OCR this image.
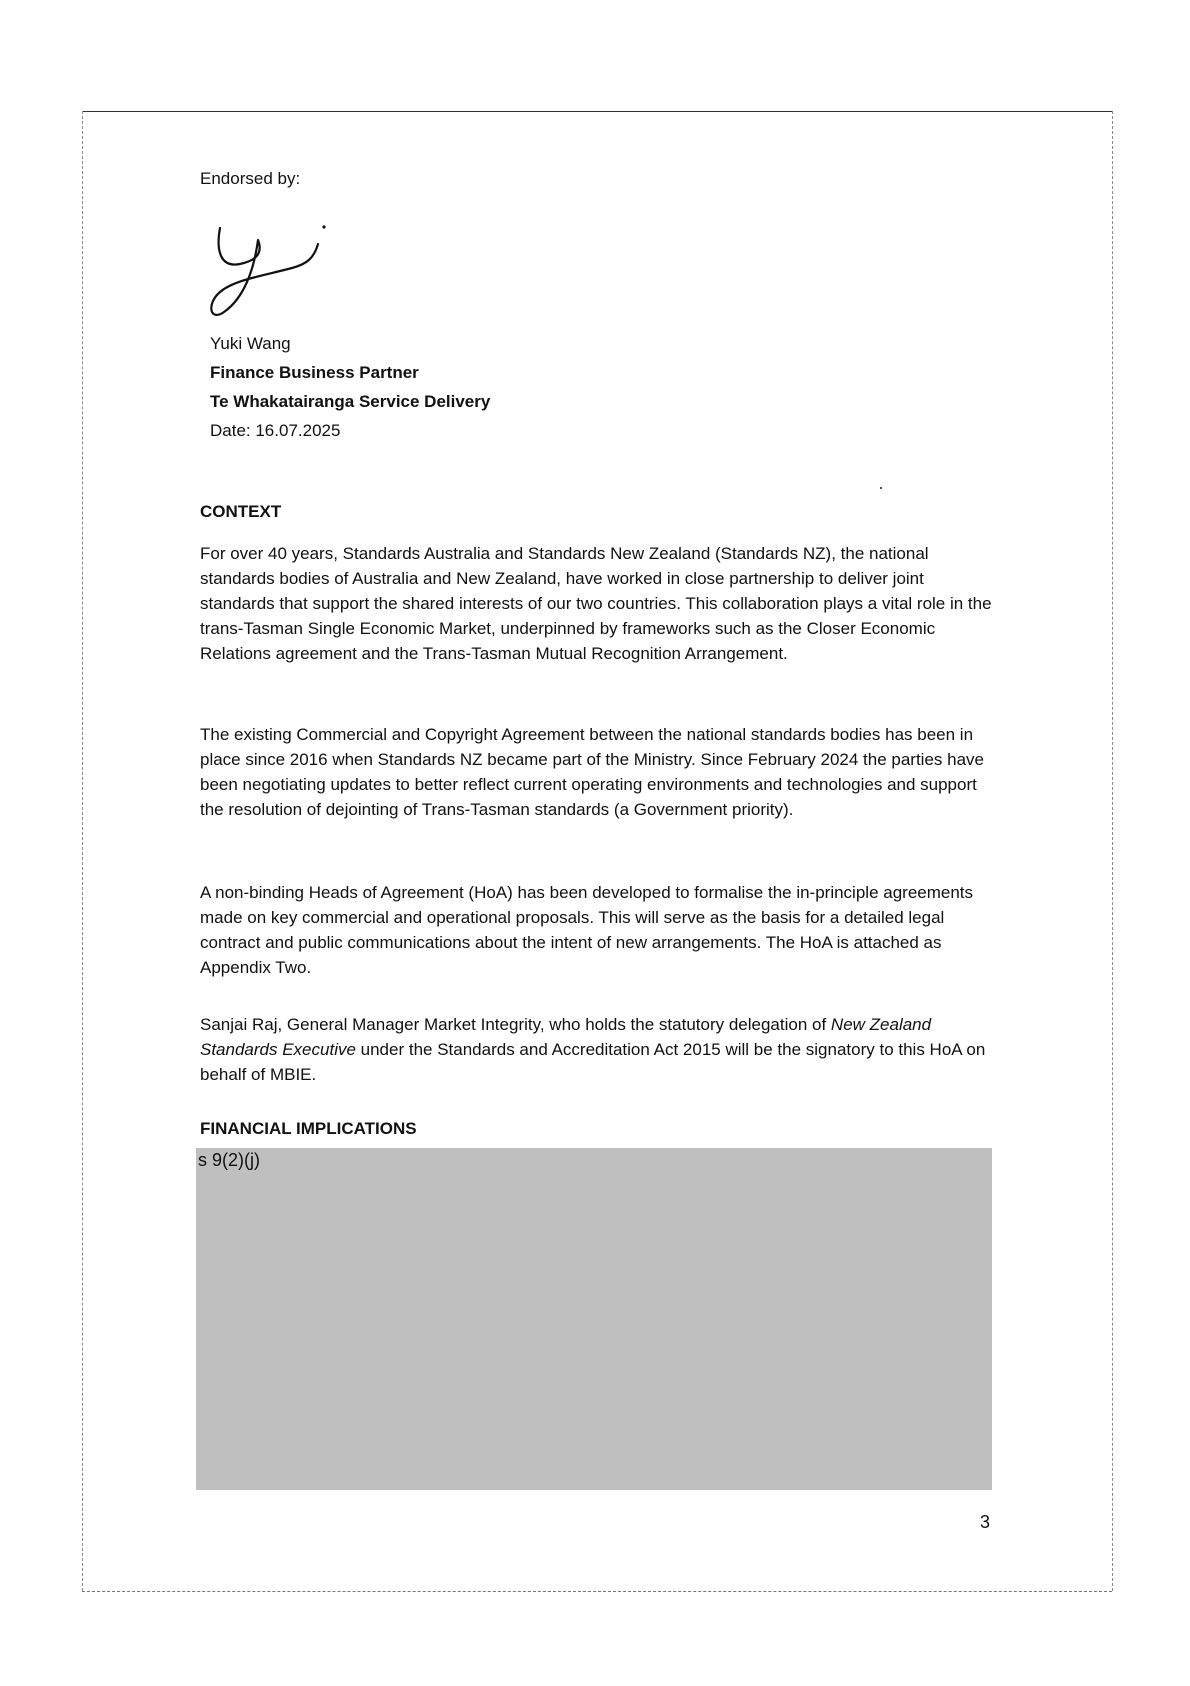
Endorsed by:
Yuki Wang
Finance Business Partner
Te Whakatairanga Service Delivery
Date: 16.07.2025
CONTEXT

For over 40 years, Standards Australia and Standards New Zealand (Standards NZ), the national standards bodies of Australia and New Zealand, have worked in close partnership to deliver joint standards that support the shared interests of our two countries. This collaboration plays a vital role in the trans-Tasman Single Economic Market, underpinned by frameworks such as the Closer Economic Relations agreement and the Trans-Tasman Mutual Recognition Arrangement.

The existing Commercial and Copyright Agreement between the national standards bodies has been in place since 2016 when Standards NZ became part of the Ministry. Since February 2024 the parties have been negotiating updates to better reflect current operating environments and technologies and support the resolution of dejointing of Trans-Tasman standards (a Government priority).

A non-binding Heads of Agreement (HoA) has been developed to formalise the in-principle agreements made on key commercial and operational proposals. This will serve as the basis for a detailed legal contract and public communications about the intent of new arrangements. The HoA is attached as Appendix Two.

Sanjai Raj, General Manager Market Integrity, who holds the statutory delegation of New Zealand Standards Executive under the Standards and Accreditation Act 2015 will be the signatory to this HoA on behalf of MBIE.

FINANCIAL IMPLICATIONS
s 9(2)(j)
3
